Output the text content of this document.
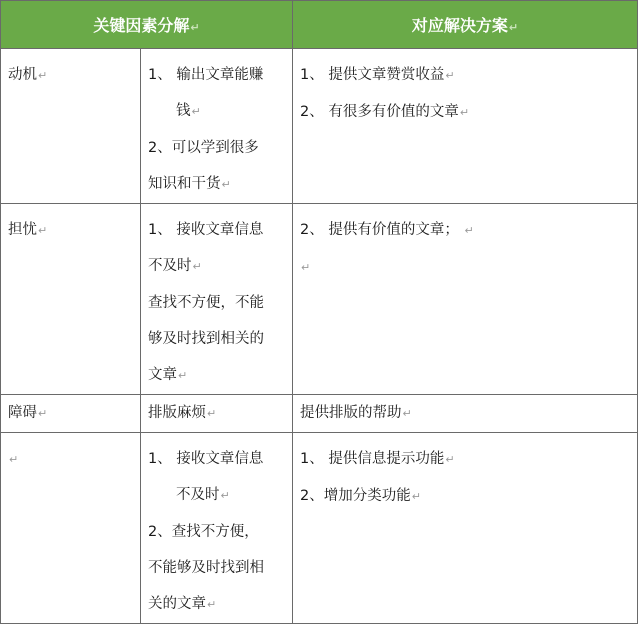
关键因素分解↵		对应解决方案↵

动机↵	1、 输出文章能赚
钱↵
2、可以学到很多
知识和干货↵	1、 提供文章赞赏收益↵
2、 有很多有价值的文章↵

担忧↵	1、 接收文章信息
不及时↵
查找不方便，不能
够及时找到相关的
文章↵	2、 提供有价值的文章； ↵
↵

障碍↵	排版麻烦↵	提供排版的帮助↵

↵	1、 接收文章信息
不及时↵
2、查找不方便，
不能够及时找到相
关的文章↵	1、 提供信息提示功能↵
2、增加分类功能↵
